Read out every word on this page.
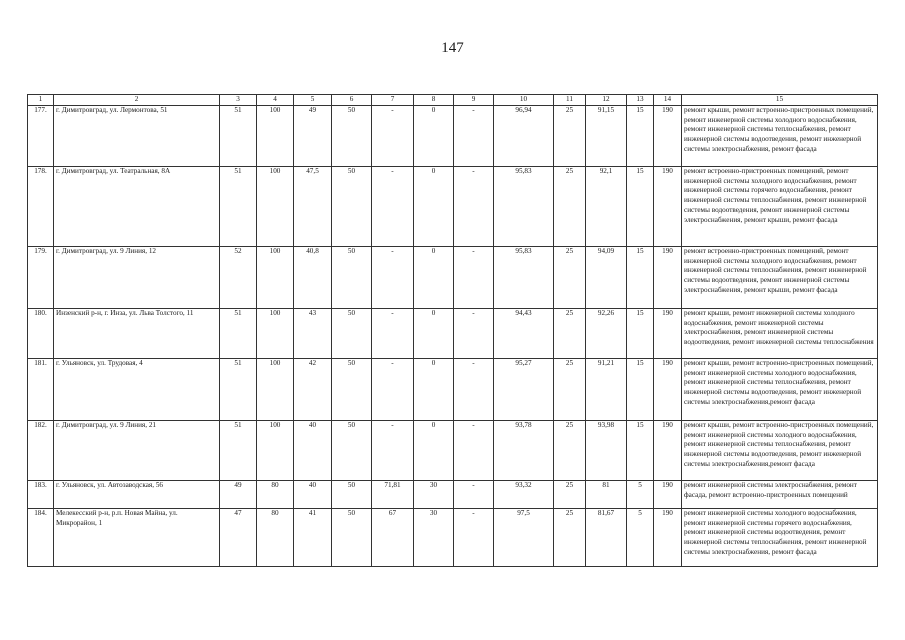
147
1	2	3	4	5	6	7	8	9	10	11	12	13	14	15
177.	г. Димитровград, ул. Лермонтова, 51	51	100	49	50	-	0	-	96,94	25	91,15	15	190	ремонт крыши, ремонт встроенно-пристроенных помещений, ремонт инженерной системы холодного водоснабжения, ремонт инженерной системы теплоснабжения, ремонт инженерной системы водоотведения, ремонт инженерной системы электроснабжения, ремонт фасада
178.	г. Димитровград, ул. Театральная, 8А	51	100	47,5	50	-	0	-	95,83	25	92,1	15	190	ремонт встроенно-пристроенных помещений, ремонт инженерной системы холодного водоснабжения, ремонт инженерной системы горячего водоснабжения, ремонт инженерной системы теплоснабжения, ремонт инженерной системы водоотведения, ремонт инженерной системы электроснабжения, ремонт крыши, ремонт фасада
179.	г. Димитровград, ул. 9 Линия, 12	52	100	40,8	50	-	0	-	95,83	25	94,09	15	190	ремонт встроенно-пристроенных помещений, ремонт инженерной системы холодного водоснабжения, ремонт инженерной системы теплоснабжения, ремонт инженерной системы водоотведения, ремонт инженерной системы электроснабжения, ремонт крыши, ремонт фасада
180.	Инзенский р-н, г. Инза, ул. Льва Толстого, 11	51	100	43	50	-	0	-	94,43	25	92,26	15	190	ремонт крыши, ремонт инженерной системы холодного водоснабжения, ремонт инженерной системы электроснабжения, ремонт инженерной системы водоотведения, ремонт инженерной системы теплоснабжения
181.	г. Ульяновск, ул. Трудовая, 4	51	100	42	50	-	0	-	95,27	25	91,21	15	190	ремонт крыши, ремонт встроенно-пристроенных помещений, ремонт инженерной системы холодного водоснабжения, ремонт инженерной системы теплоснабжения, ремонт инженерной системы водоотведения, ремонт инженерной системы электроснабжения,ремонт фасада
182.	г. Димитровград, ул. 9 Линия, 21	51	100	40	50	-	0	-	93,78	25	93,98	15	190	ремонт крыши, ремонт встроенно-пристроенных помещений, ремонт инженерной системы холодного водоснабжения, ремонт инженерной системы теплоснабжения, ремонт инженерной системы водоотведения, ремонт инженерной системы электроснабжения,ремонт фасада
183.	г. Ульяновск, ул. Автозаводская, 56	49	80	40	50	71,81	30	-	93,32	25	81	5	190	ремонт инженерной системы электроснабжения, ремонт фасада, ремонт встроенно-пристроенных помещений
184.	Мелекесский р-н, р.п. Новая Майна, ул. Микрорайон, 1	47	80	41	50	67	30	-	97,5	25	81,67	5	190	ремонт инженерной системы холодного водоснабжения, ремонт инженерной системы горячего водоснабжения, ремонт инженерной системы водоотведения, ремонт инженерной системы теплоснабжения, ремонт инженерной системы электроснабжения, ремонт фасада
